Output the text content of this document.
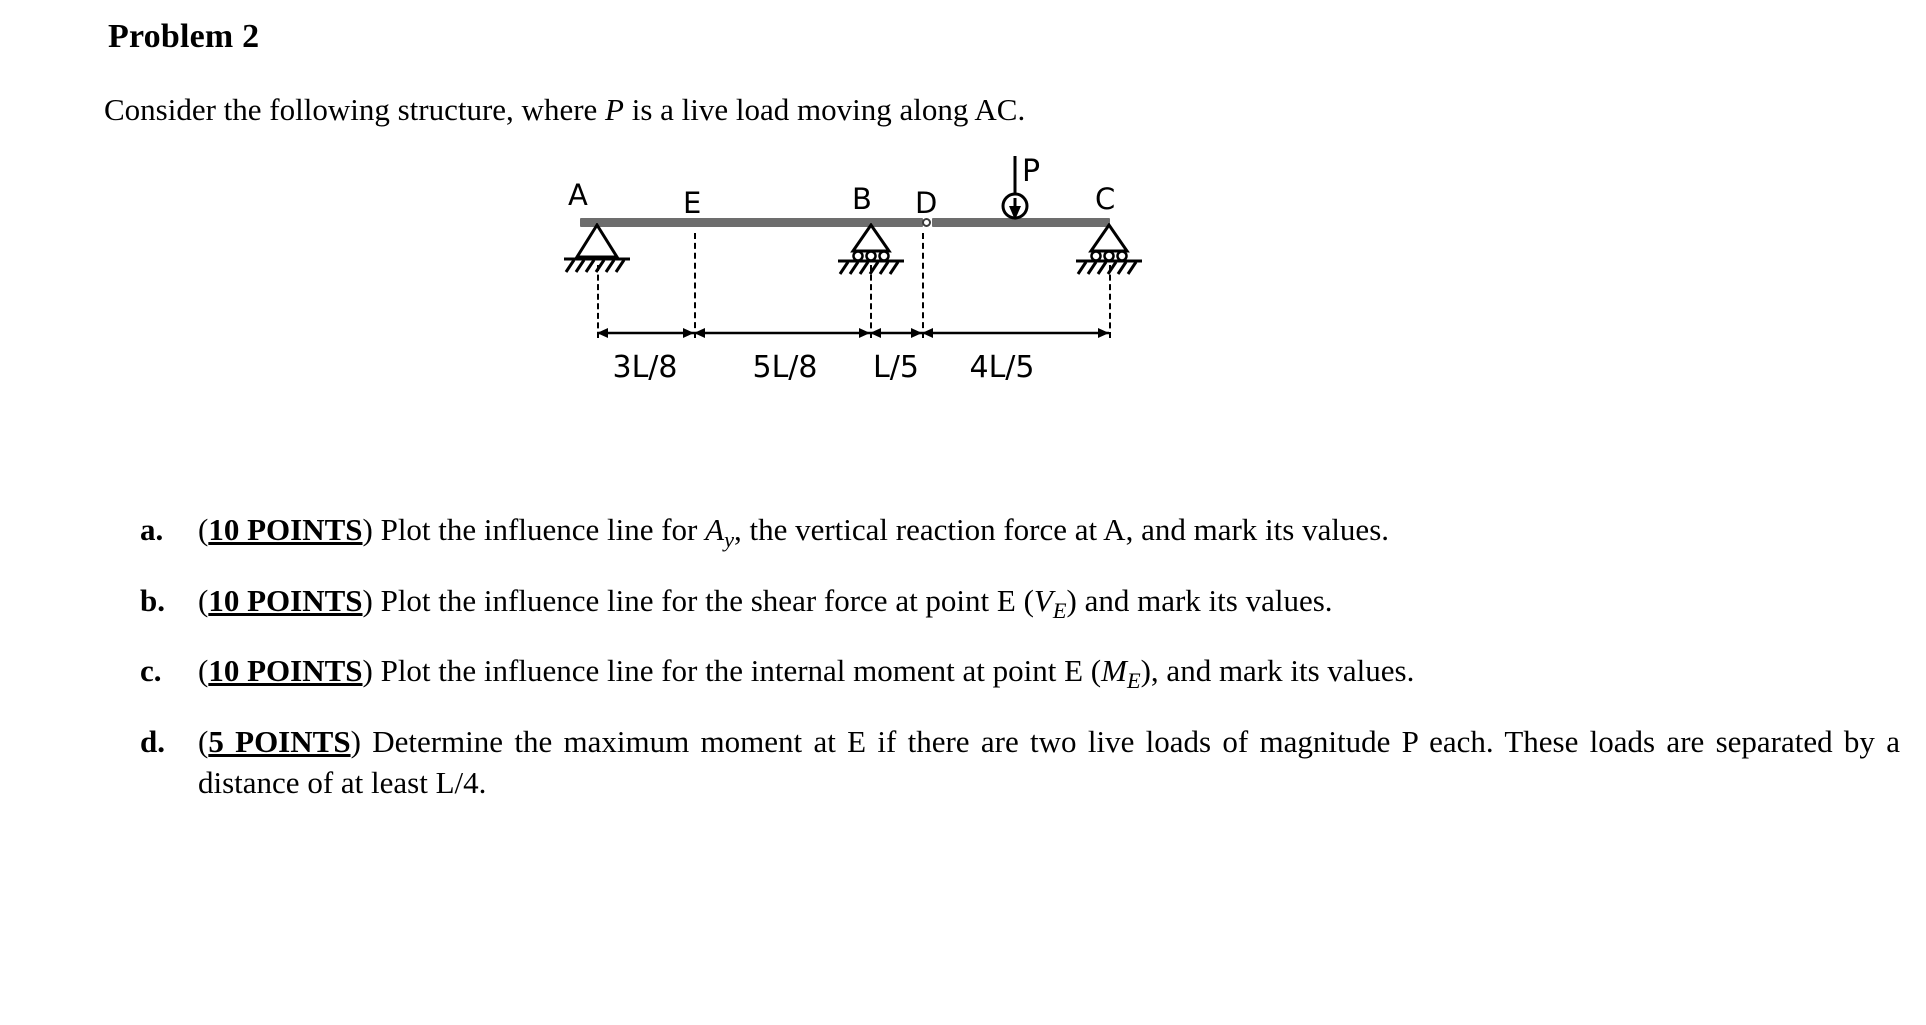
Problem 2
Consider the following structure, where P is a live load moving along AC.
A	E	B D	C
P
3L/8	5L/8	L/5	4L/5
a. (10 POINTS) Plot the influence line for $A_y$, the vertical reaction force at A, and mark its values.
b. (10 POINTS) Plot the influence line for the shear force at point E $(V_E)$ and mark its values.
c. (10 POINTS) Plot the influence line for the internal moment at point E $(M_E)$, and mark its values.
d. (5 POINTS) Determine the maximum moment at E if there are two live loads of magnitude P each. These loads are separated by a distance of at least L/4.
